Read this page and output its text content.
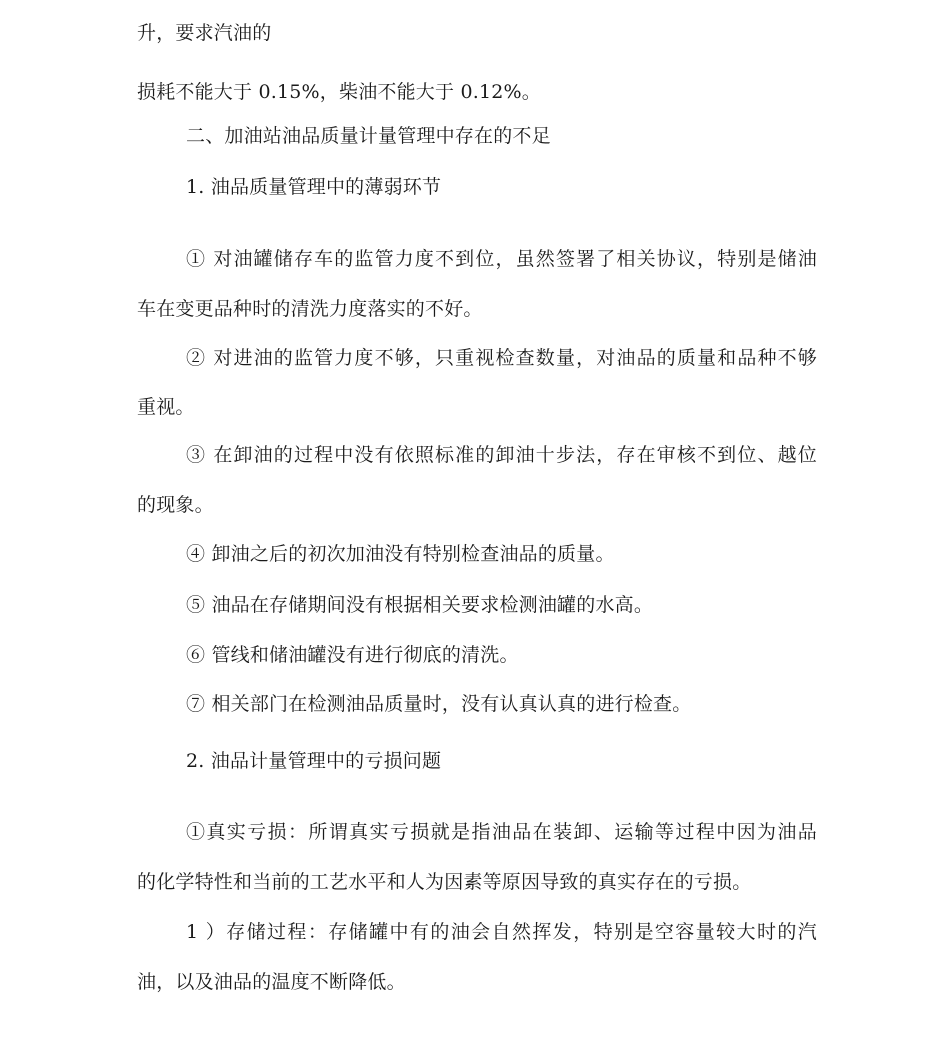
升，要求汽油的
损耗不能大于 0.15%，柴油不能大于 0.12%。
二、加油站油品质量计量管理中存在的不足
1. 油品质量管理中的薄弱环节
① 对油罐储存车的监管力度不到位，虽然签署了相关协议，特别是储油
车在变更品种时的清洗力度落实的不好。
② 对进油的监管力度不够，只重视检查数量，对油品的质量和品种不够
重视。
③ 在卸油的过程中没有依照标准的卸油十步法，存在审核不到位、越位
的现象。
④ 卸油之后的初次加油没有特别检查油品的质量。
⑤ 油品在存储期间没有根据相关要求检测油罐的水高。
⑥ 管线和储油罐没有进行彻底的清洗。
⑦ 相关部门在检测油品质量时，没有认真认真的进行检查。
2. 油品计量管理中的亏损问题
①真实亏损：所谓真实亏损就是指油品在装卸、运输等过程中因为油品
的化学特性和当前的工艺水平和人为因素等原因导致的真实存在的亏损。
1 ）存储过程：存储罐中有的油会自然挥发，特别是空容量较大时的汽
油，以及油品的温度不断降低。
